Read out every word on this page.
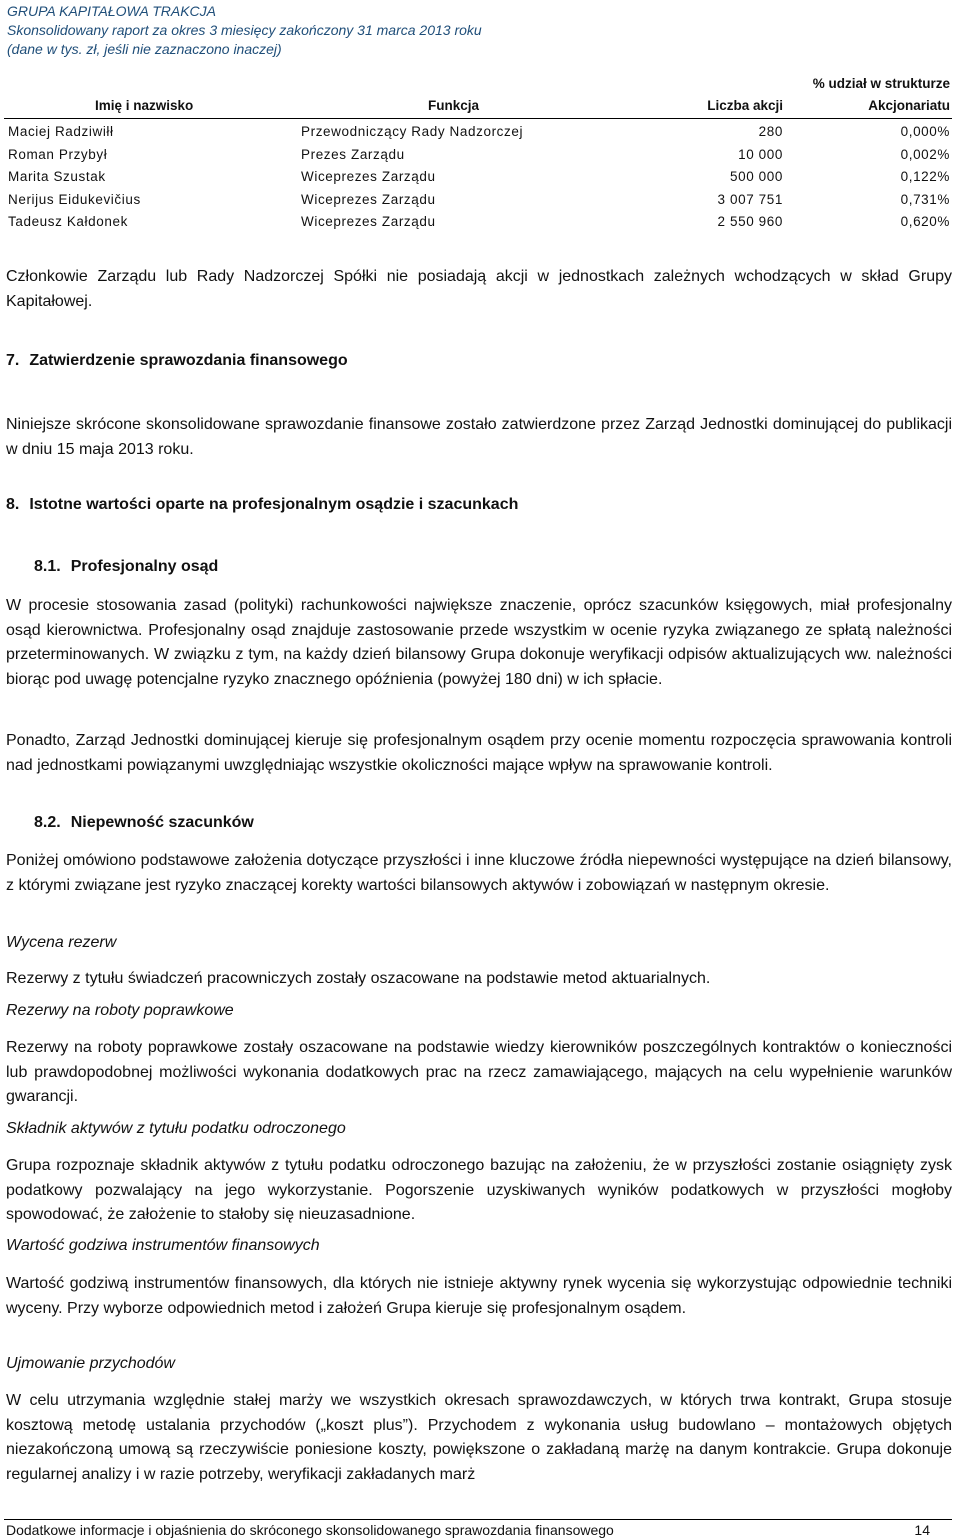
GRUPA KAPITAŁOWA TRAKCJA
Skonsolidowany raport za okres 3 miesięcy zakończony 31 marca 2013 roku
(dane w tys. zł, jeśli nie zaznaczono inaczej)
% udział w strukturze
Imię i nazwisko	Funkcja	Liczba akcji	Akcjonariatu
Maciej Radziwiłł	Przewodniczący Rady Nadzorczej	280	0,000%
Roman Przybył	Prezes Zarządu	10 000	0,002%
Marita Szustak	Wiceprezes Zarządu	500 000	0,122%
Nerijus Eidukevičius	Wiceprezes Zarządu	3 007 751	0,731%
Tadeusz Kałdonek	Wiceprezes Zarządu	2 550 960	0,620%

Członkowie Zarządu lub Rady Nadzorczej Spółki nie posiadają akcji w jednostkach zależnych wchodzących w skład Grupy Kapitałowej.

7. Zatwierdzenie sprawozdania finansowego

Niniejsze skrócone skonsolidowane sprawozdanie finansowe zostało zatwierdzone przez Zarząd Jednostki dominującej do publikacji w dniu 15 maja 2013 roku.

8. Istotne wartości oparte na profesjonalnym osądzie i szacunkach
8.1. Profesjonalny osąd

W procesie stosowania zasad (polityki) rachunkowości największe znaczenie, oprócz szacunków księgowych, miał profesjonalny osąd kierownictwa. Profesjonalny osąd znajduje zastosowanie przede wszystkim w ocenie ryzyka związanego ze spłatą należności przeterminowanych. W związku z tym, na każdy dzień bilansowy Grupa dokonuje weryfikacji odpisów aktualizujących ww. należności biorąc pod uwagę potencjalne ryzyko znacznego opóźnienia (powyżej 180 dni) w ich spłacie.

Ponadto, Zarząd Jednostki dominującej kieruje się profesjonalnym osądem przy ocenie momentu rozpoczęcia sprawowania kontroli nad jednostkami powiązanymi uwzględniając wszystkie okoliczności mające wpływ na sprawowanie kontroli.

8.2. Niepewność szacunków

Poniżej omówiono podstawowe założenia dotyczące przyszłości i inne kluczowe źródła niepewności występujące na dzień bilansowy, z którymi związane jest ryzyko znaczącej korekty wartości bilansowych aktywów i zobowiązań w następnym okresie.

Wycena rezerw

Rezerwy z tytułu świadczeń pracowniczych zostały oszacowane na podstawie metod aktuarialnych.

Rezerwy na roboty poprawkowe

Rezerwy na roboty poprawkowe zostały oszacowane na podstawie wiedzy kierowników poszczególnych kontraktów o konieczności lub prawdopodobnej możliwości wykonania dodatkowych prac na rzecz zamawiającego, mających na celu wypełnienie warunków gwarancji.

Składnik aktywów z tytułu podatku odroczonego

Grupa rozpoznaje składnik aktywów z tytułu podatku odroczonego bazując na założeniu, że w przyszłości zostanie osiągnięty zysk podatkowy pozwalający na jego wykorzystanie. Pogorszenie uzyskiwanych wyników podatkowych w przyszłości mogłoby spowodować, że założenie to stałoby się nieuzasadnione.

Wartość godziwa instrumentów finansowych

Wartość godziwą instrumentów finansowych, dla których nie istnieje aktywny rynek wycenia się wykorzystując odpowiednie techniki wyceny. Przy wyborze odpowiednich metod i założeń Grupa kieruje się profesjonalnym osądem.

Ujmowanie przychodów

W celu utrzymania względnie stałej marży we wszystkich okresach sprawozdawczych, w których trwa kontrakt, Grupa stosuje kosztową metodę ustalania przychodów („koszt plus”). Przychodem z wykonania usług budowlano – montażowych objętych niezakończoną umową są rzeczywiście poniesione koszty, powiększone o zakładaną marżę na danym kontrakcie. Grupa dokonuje regularnej analizy i w razie potrzeby, weryfikacji zakładanych marż

Dodatkowe informacje i objaśnienia do skróconego skonsolidowanego sprawozdania finansowego	14
